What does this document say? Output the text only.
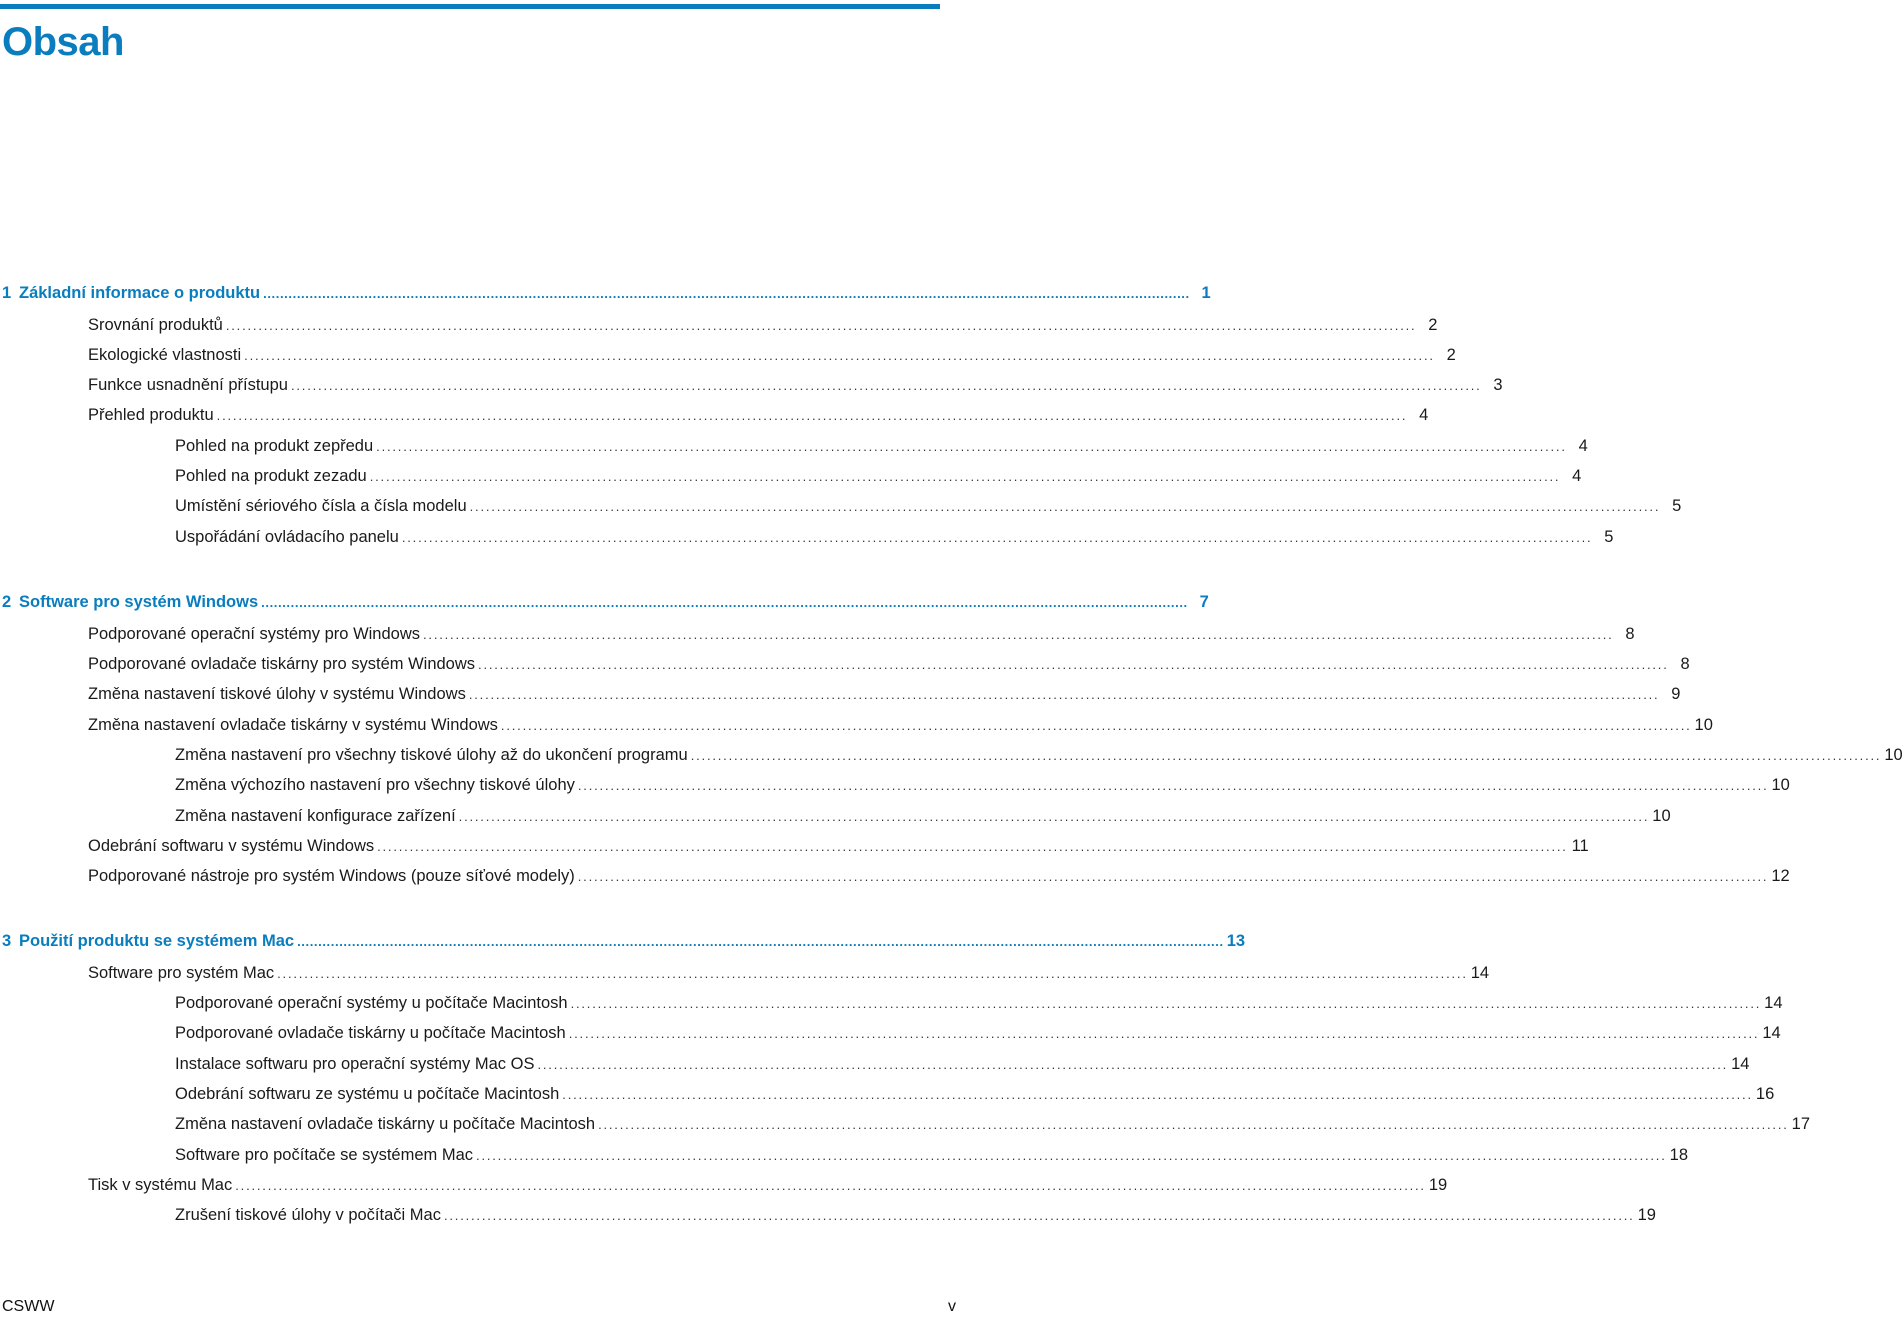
Obsah
1 Základní informace o produktu ............................................................................................................................................................................................................................ 1
Srovnání produktů ............................................................................................................................................................................................................................ 2
Ekologické vlastnosti ............................................................................................................................................................................................................................ 2
Funkce usnadnění přístupu ............................................................................................................................................................................................................................ 3
Přehled produktu ............................................................................................................................................................................................................................ 4
Pohled na produkt zepředu ............................................................................................................................................................................................................................ 4
Pohled na produkt zezadu ............................................................................................................................................................................................................................ 4
Umístění sériového čísla a čísla modelu ............................................................................................................................................................................................................................ 5
Uspořádání ovládacího panelu ............................................................................................................................................................................................................................ 5
2 Software pro systém Windows ............................................................................................................................................................................................................................ 7
Podporované operační systémy pro Windows ............................................................................................................................................................................................................................ 8
Podporované ovladače tiskárny pro systém Windows ............................................................................................................................................................................................................................ 8
Změna nastavení tiskové úlohy v systému Windows ............................................................................................................................................................................................................................ 9
Změna nastavení ovladače tiskárny v systému Windows ............................................................................................................................................................................................................................ 10
Změna nastavení pro všechny tiskové úlohy až do ukončení programu ............................................................................................................................................................................................................................ 10
Změna výchozího nastavení pro všechny tiskové úlohy ............................................................................................................................................................................................................................ 10
Změna nastavení konfigurace zařízení ............................................................................................................................................................................................................................ 10
Odebrání softwaru v systému Windows ............................................................................................................................................................................................................................ 11
Podporované nástroje pro systém Windows (pouze síťové modely) ............................................................................................................................................................................................................................ 12
3 Použití produktu se systémem Mac ............................................................................................................................................................................................................................ 13
Software pro systém Mac ............................................................................................................................................................................................................................ 14
Podporované operační systémy u počítače Macintosh ............................................................................................................................................................................................................................ 14
Podporované ovladače tiskárny u počítače Macintosh ............................................................................................................................................................................................................................ 14
Instalace softwaru pro operační systémy Mac OS ............................................................................................................................................................................................................................ 14
Odebrání softwaru ze systému u počítače Macintosh ............................................................................................................................................................................................................................ 16
Změna nastavení ovladače tiskárny u počítače Macintosh ............................................................................................................................................................................................................................ 17
Software pro počítače se systémem Mac ............................................................................................................................................................................................................................ 18
Tisk v systému Mac ............................................................................................................................................................................................................................ 19
Zrušení tiskové úlohy v počítači Mac ............................................................................................................................................................................................................................ 19
CSWW	v
